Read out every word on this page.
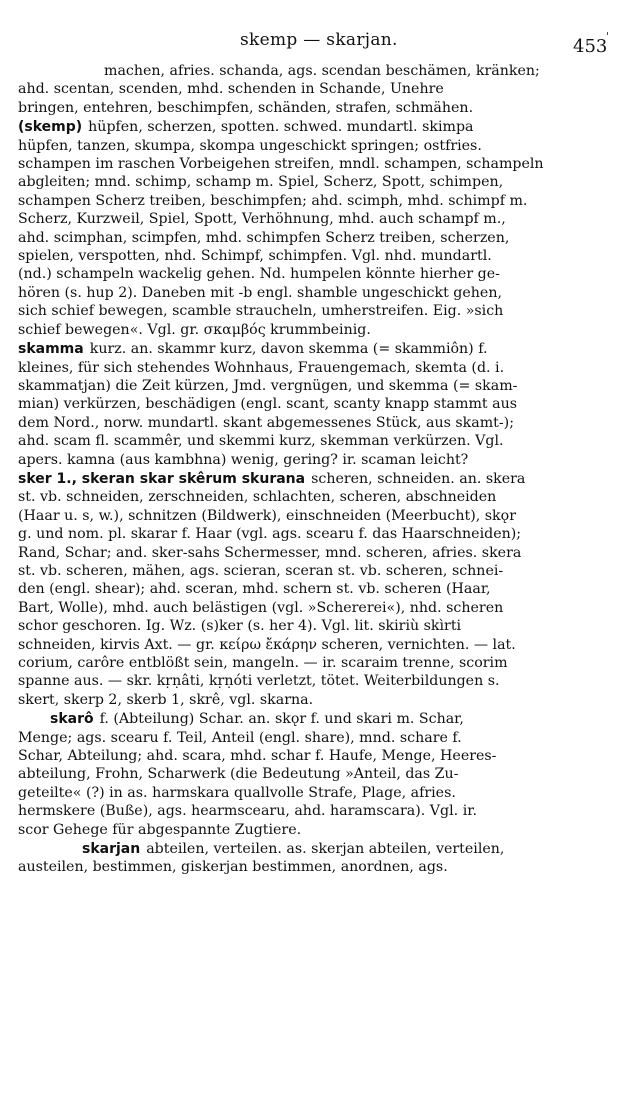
skemp — skarjan.	453
'
machen, afries. schanda, ags. scendan beschämen, kränken;
ahd. scentan, scenden, mhd. schenden in Schande, Unehre
bringen, entehren, beschimpfen, schänden, strafen, schmähen.
(skemp) hüpfen, scherzen, spotten. schwed. mundartl. skimpa
hüpfen, tanzen, skumpa, skompa ungeschickt springen; ostfries.
schampen im raschen Vorbeigehen streifen, mndl. schampen, schampeln
abgleiten; mnd. schimp, schamp m. Spiel, Scherz, Spott, schimpen,
schampen Scherz treiben, beschimpfen; ahd. scimph, mhd. schimpf m.
Scherz, Kurzweil, Spiel, Spott, Verhöhnung, mhd. auch schampf m.,
ahd. scimphan, scimpfen, mhd. schimpfen Scherz treiben, scherzen,
spielen, verspotten, nhd. Schimpf, schimpfen. Vgl. nhd. mundartl.
(nd.) schampeln wackelig gehen. Nd. humpelen könnte hierher ge-
hören (s. hup 2). Daneben mit -b engl. shamble ungeschickt gehen,
sich schief bewegen, scamble straucheln, umherstreifen. Eig. »sich
schief bewegen«. Vgl. gr. σκαμβός krummbeinig.
skamma kurz. an. skammr kurz, davon skemma (= skammiôn) f.
kleines, für sich stehendes Wohnhaus, Frauengemach, skemta (d. i.
skammatjan) die Zeit kürzen, Jmd. vergnügen, und skemma (= skam-
mian) verkürzen, beschädigen (engl. scant, scanty knapp stammt aus
dem Nord., norw. mundartl. skant abgemessenes Stück, aus skamt-);
ahd. scam fl. scammêr, und skemmi kurz, skemman verkürzen. Vgl.
apers. kamna (aus kambhna) wenig, gering? ir. scaman leicht?
sker 1., skeran skar skêrum skurana scheren, schneiden. an. skera
st. vb. schneiden, zerschneiden, schlachten, scheren, abschneiden
(Haar u. s, w.), schnitzen (Bildwerk), einschneiden (Meerbucht), skǫr
g. und nom. pl. skarar f. Haar (vgl. ags. scearu f. das Haarschneiden);
Rand, Schar; and. sker-sahs Schermesser, mnd. scheren, afries. skera
st. vb. scheren, mähen, ags. scieran, sceran st. vb. scheren, schnei-
den (engl. shear); ahd. sceran, mhd. schern st. vb. scheren (Haar,
Bart, Wolle), mhd. auch belästigen (vgl. »Schererei«), nhd. scheren
schor geschoren. Ig. Wz. (s)ker (s. her 4). Vgl. lit. skiriù skìrti
schneiden, kirvis Axt. — gr. κείρω ἔκάρην scheren, vernichten. — lat.
corium, carôre entblößt sein, mangeln. — ir. scaraim trenne, scorim
spanne aus. — skr. kṛṇâti, kṛṇóti verletzt, tötet. Weiterbildungen s.
skert, skerp 2, skerb 1, skrê, vgl. skarna.
skarô f. (Abteilung) Schar. an. skǫr f. und skari m. Schar,
Menge; ags. scearu f. Teil, Anteil (engl. share), mnd. schare f.
Schar, Abteilung; ahd. scara, mhd. schar f. Haufe, Menge, Heeres-
abteilung, Frohn, Scharwerk (die Bedeutung »Anteil, das Zu-
geteilte« (?) in as. harmskara quallvolle Strafe, Plage, afries.
hermskere (Buße), ags. hearmscearu, ahd. haramscara). Vgl. ir.
scor Gehege für abgespannte Zugtiere.
skarjan abteilen, verteilen. as. skerjan abteilen, verteilen,
austeilen, bestimmen, giskerjan bestimmen, anordnen, ags.
